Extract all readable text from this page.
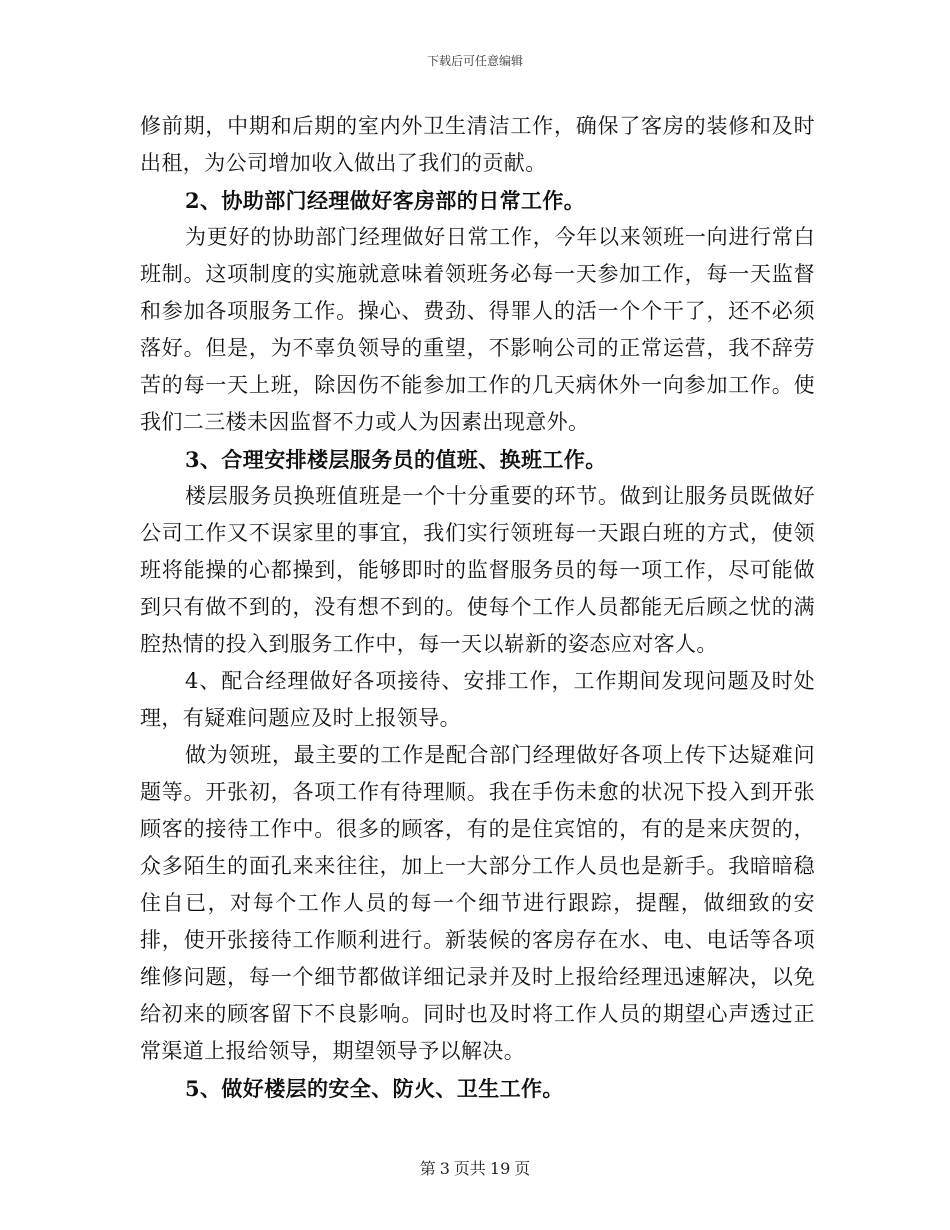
下载后可任意编辑

修前期，中期和后期的室内外卫生清洁工作，确保了客房的装修和及时出租，为公司增加收入做出了我们的贡献。

2、协助部门经理做好客房部的日常工作。

为更好的协助部门经理做好日常工作，今年以来领班一向进行常白班制。这项制度的实施就意味着领班务必每一天参加工作，每一天监督和参加各项服务工作。操心、费劲、得罪人的活一个个干了，还不必须落好。但是，为不辜负领导的重望，不影响公司的正常运营，我不辞劳苦的每一天上班，除因伤不能参加工作的几天病休外一向参加工作。使我们二三楼未因监督不力或人为因素出现意外。

3、合理安排楼层服务员的值班、换班工作。

楼层服务员换班值班是一个十分重要的环节。做到让服务员既做好公司工作又不误家里的事宜，我们实行领班每一天跟白班的方式，使领班将能操的心都操到，能够即时的监督服务员的每一项工作，尽可能做到只有做不到的，没有想不到的。使每个工作人员都能无后顾之忧的满腔热情的投入到服务工作中，每一天以崭新的姿态应对客人。

4、配合经理做好各项接待、安排工作，工作期间发现问题及时处理，有疑难问题应及时上报领导。

做为领班，最主要的工作是配合部门经理做好各项上传下达疑难问题等。开张初，各项工作有待理顺。我在手伤未愈的状况下投入到开张顾客的接待工作中。很多的顾客，有的是住宾馆的，有的是来庆贺的，众多陌生的面孔来来往往，加上一大部分工作人员也是新手。我暗暗稳住自已，对每个工作人员的每一个细节进行跟踪，提醒，做细致的安排，使开张接待工作顺利进行。新装候的客房存在水、电、电话等各项维修问题，每一个细节都做详细记录并及时上报给经理迅速解决，以免给初来的顾客留下不良影响。同时也及时将工作人员的期望心声透过正常渠道上报给领导，期望领导予以解决。

5、做好楼层的安全、防火、卫生工作。

第 3 页共 19 页
